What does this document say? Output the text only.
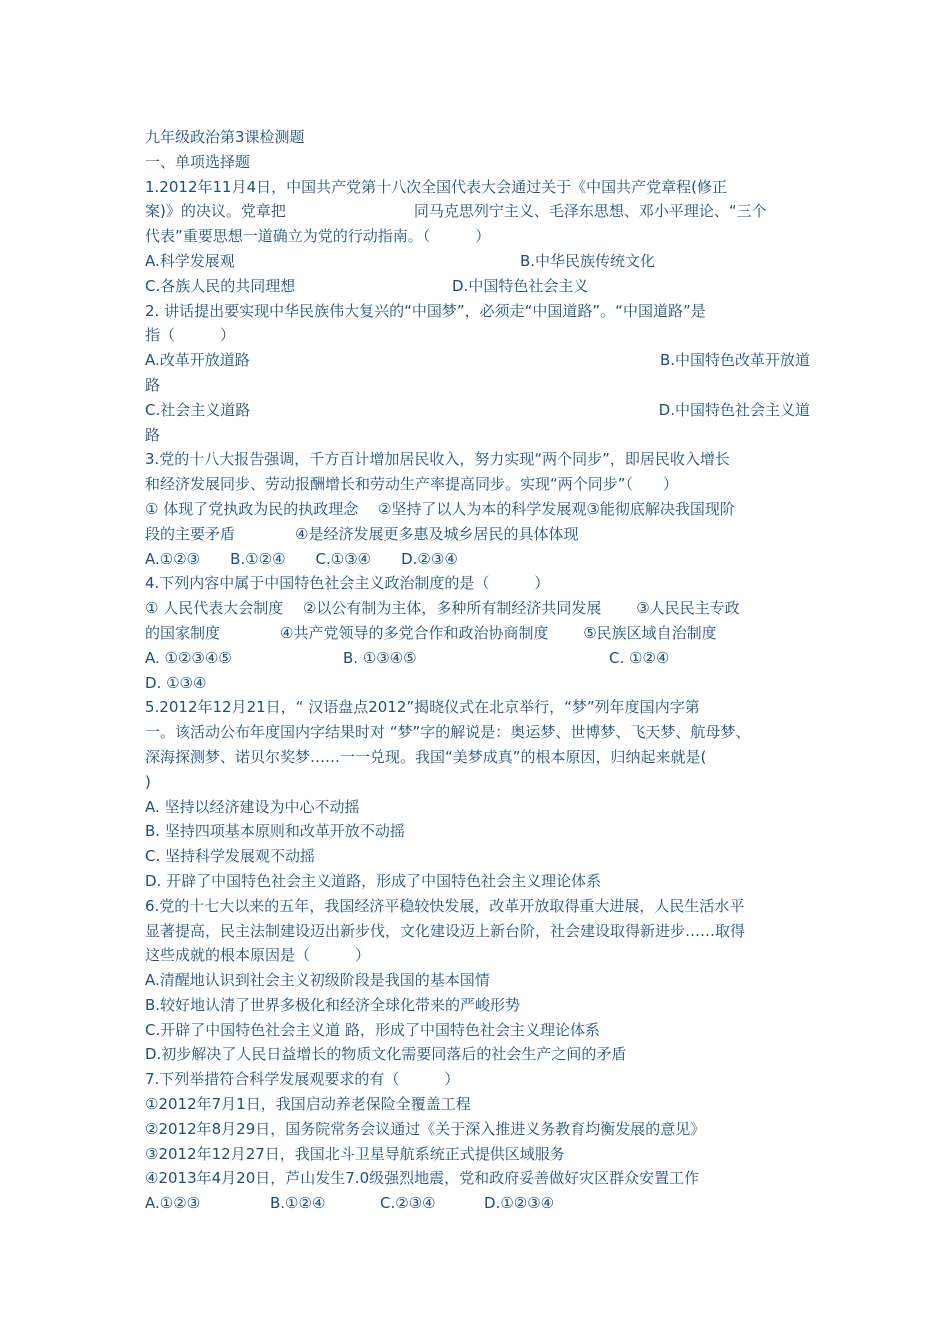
九年级政治第3课检测题
一、单项选择题
1.2012年11月4日，中国共产党第十八次全国代表大会通过关于《中国共产党章程(修正
案)》的决议。党章把	同马克思列宁主义、毛泽东思想、邓小平理论、“三个
代表”重要思想一道确立为党的行动指南。（　　　）
A.科学发展观	B.中华民族传统文化
C.各族人民的共同理想	D.中国特色社会主义
2. 讲话提出要实现中华民族伟大复兴的“中国梦”，必须走“中国道路”。“中国道路”是
指（　　　）
A.改革开放道路	B.中国特色改革开放道
路
C.社会主义道路	D.中国特色社会主义道
路
3.党的十八大报告强调，千方百计增加居民收入，努力实现“两个同步”，即居民收入增长
和经济发展同步、劳动报酬增长和劳动生产率提高同步。实现“两个同步”（　　）
① 体现了党执政为民的执政理念　 ②坚持了以人为本的科学发展观③能彻底解决我国现阶
段的主要矛盾　　　　④是经济发展更多惠及城乡居民的具体体现
A.①②③ B.①②④ C.①③④ D.②③④
4.下列内容中属于中国特色社会主义政治制度的是（　　　）
① 人民代表大会制度　 ②以公有制为主体，多种所有制经济共同发展　　 ③人民民主专政
的国家制度　　　　④共产党领导的多党合作和政治协商制度　　 ⑤民族区域自治制度
A. ①②③④⑤	B. ①③④⑤	C. ①②④
D. ①③④
5.2012年12月21日，“ 汉语盘点2012”揭晓仪式在北京举行，“梦”列年度国内字第
一。该活动公布年度国内字结果时对 “梦”字的解说是：奥运梦、世博梦、飞天梦、航母梦、
深海探测梦、诺贝尔奖梦……一一兑现。我国“美梦成真”的根本原因，归纳起来就是(
)
A. 坚持以经济建设为中心不动摇
B. 坚持四项基本原则和改革开放不动摇
C. 坚持科学发展观不动摇
D. 开辟了中国特色社会主义道路，形成了中国特色社会主义理论体系
6.党的十七大以来的五年，我国经济平稳较快发展，改革开放取得重大进展，人民生活水平
显著提高，民主法制建设迈出新步伐，文化建设迈上新台阶，社会建设取得新进步……取得
这些成就的根本原因是（　　　）
A.清醒地认识到社会主义初级阶段是我国的基本国情
B.较好地认清了世界多极化和经济全球化带来的严峻形势
C.开辟了中国特色社会主义道 路，形成了中国特色社会主义理论体系
D.初步解决了人民日益增长的物质文化需要同落后的社会生产之间的矛盾
7.下列举措符合科学发展观要求的有（　　　）
①2012年7月1日，我国启动养老保险全覆盖工程
②2012年8月29日，国务院常务会议通过《关于深入推进义务教育均衡发展的意见》
③2012年12月27日，我国北斗卫星导航系统正式提供区域服务
④2013年4月20日，芦山发生7.0级强烈地震，党和政府妥善做好灾区群众安置工作
A.①②③	B.①②④	C.②③④	D.①②③④
